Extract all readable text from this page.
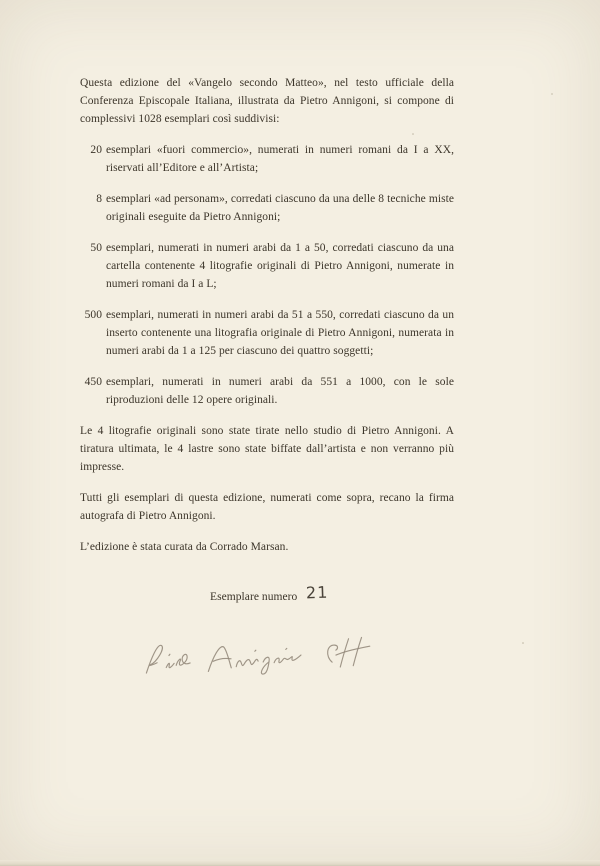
Questa edizione del «Vangelo secondo Matteo», nel testo ufficiale della Conferenza Episcopale Italiana, illustrata da Pietro Annigoni, si compone di complessivi 1028 esemplari così suddivisi:

20 esemplari «fuori commercio», numerati in numeri romani da I a XX, riservati all’Editore e all’Artista;
8 esemplari «ad personam», corredati ciascuno da una delle 8 tecniche miste originali eseguite da Pietro Annigoni;
50 esemplari, numerati in numeri arabi da 1 a 50, corredati ciascuno da una cartella contenente 4 litografie originali di Pietro Annigoni, numerate in numeri romani da I a L;
500 esemplari, numerati in numeri arabi da 51 a 550, corredati ciascuno da un inserto contenente una litografia originale di Pietro Annigoni, numerata in numeri arabi da 1 a 125 per ciascuno dei quattro soggetti;
450 esemplari, numerati in numeri arabi da 551 a 1000, con le sole riproduzioni delle 12 opere originali.

Le 4 litografie originali sono state tirate nello studio di Pietro Annigoni. A tiratura ultimata, le 4 lastre sono state biffate dall’artista e non verranno più impresse.

Tutti gli esemplari di questa edizione, numerati come sopra, recano la firma autografa di Pietro Annigoni.

L’edizione è stata curata da Corrado Marsan.

Esemplare numero 21
